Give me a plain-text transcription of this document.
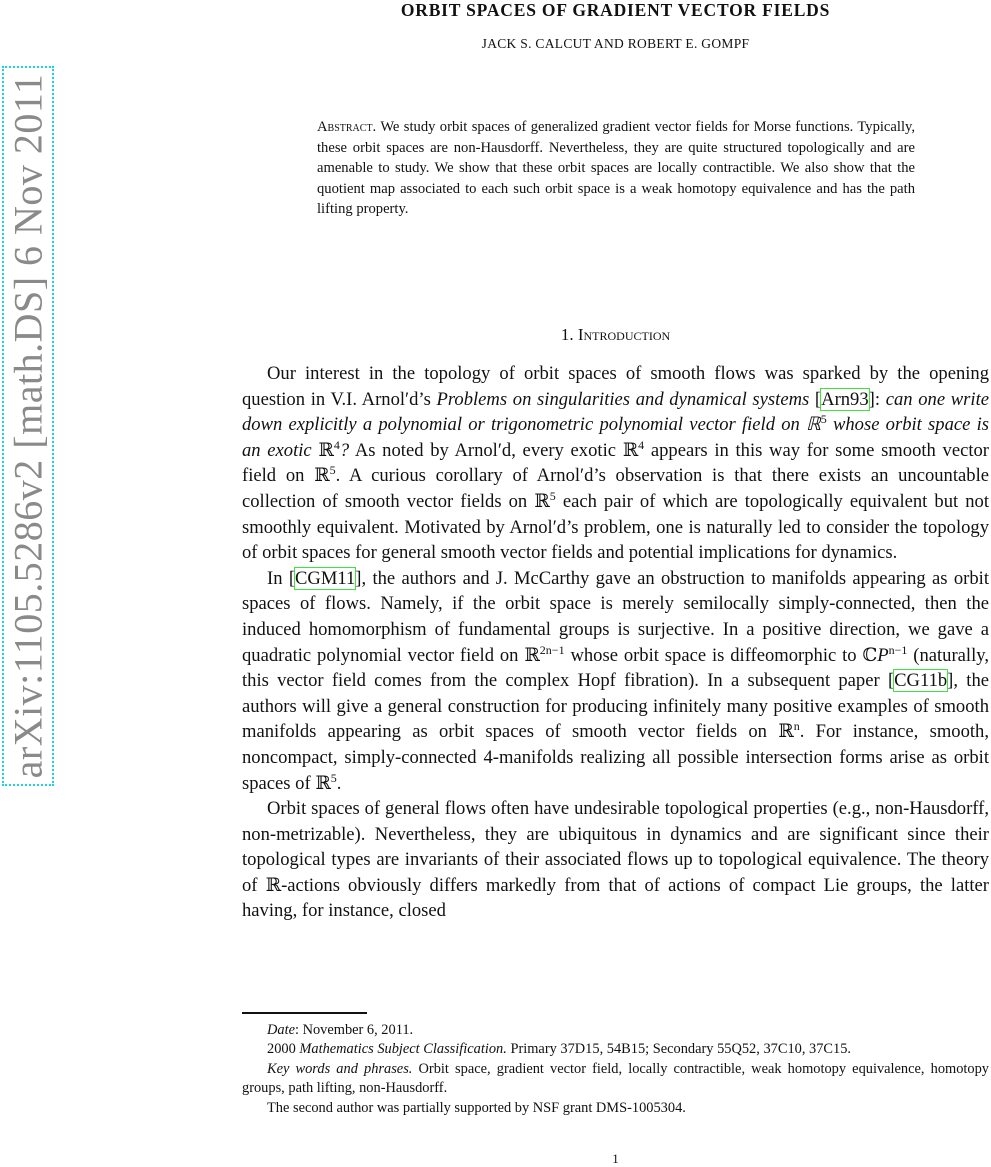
arXiv:1105.5286v2 [math.DS] 6 Nov 2011
ORBIT SPACES OF GRADIENT VECTOR FIELDS
JACK S. CALCUT AND ROBERT E. GOMPF
Abstract. We study orbit spaces of generalized gradient vector fields for Morse functions. Typically, these orbit spaces are non-Hausdorff. Nevertheless, they are quite structured topologically and are amenable to study. We show that these orbit spaces are locally contractible. We also show that the quotient map associated to each such orbit space is a weak homotopy equivalence and has the path lifting property.
1. Introduction

Our interest in the topology of orbit spaces of smooth flows was sparked by the opening question in V.I. Arnol′d’s Problems on singularities and dynamical systems [Arn93]: can one write down explicitly a polynomial or trigonometric polynomial vector field on ℝ$^5$ whose orbit space is an exotic ℝ$^4$? As noted by Arnol′d, every exotic ℝ$^4$ appears in this way for some smooth vector field on ℝ$^5$. A curious corollary of Arnol′d’s observation is that there exists an uncountable collection of smooth vector fields on ℝ$^5$ each pair of which are topologically equivalent but not smoothly equivalent. Motivated by Arnol′d’s problem, one is naturally led to consider the topology of orbit spaces for general smooth vector fields and potential implications for dynamics.

In [CGM11], the authors and J. McCarthy gave an obstruction to manifolds appearing as orbit spaces of flows. Namely, if the orbit space is merely semilocally simply-connected, then the induced homomorphism of fundamental groups is surjective. In a positive direction, we gave a quadratic polynomial vector field on ℝ$^{2n-1}$ whose orbit space is diffeomorphic to ℂP$^{n-1}$ (naturally, this vector field comes from the complex Hopf fibration). In a subsequent paper [CG11b], the authors will give a general construction for producing infinitely many positive examples of smooth manifolds appearing as orbit spaces of smooth vector fields on ℝ$^n$. For instance, smooth, noncompact, simply-connected 4-manifolds realizing all possible intersection forms arise as orbit spaces of ℝ$^5$.

Orbit spaces of general flows often have undesirable topological properties (e.g., non-Hausdorff, non-metrizable). Nevertheless, they are ubiquitous in dynamics and are significant since their topological types are invariants of their associated flows up to topological equivalence. The theory of ℝ-actions obviously differs markedly from that of actions of compact Lie groups, the latter having, for instance, closed

Date: November 6, 2011.

2000 Mathematics Subject Classification. Primary 37D15, 54B15; Secondary 55Q52, 37C10, 37C15.

Key words and phrases. Orbit space, gradient vector field, locally contractible, weak homotopy equivalence, homotopy groups, path lifting, non-Hausdorff.

The second author was partially supported by NSF grant DMS-1005304.

1
